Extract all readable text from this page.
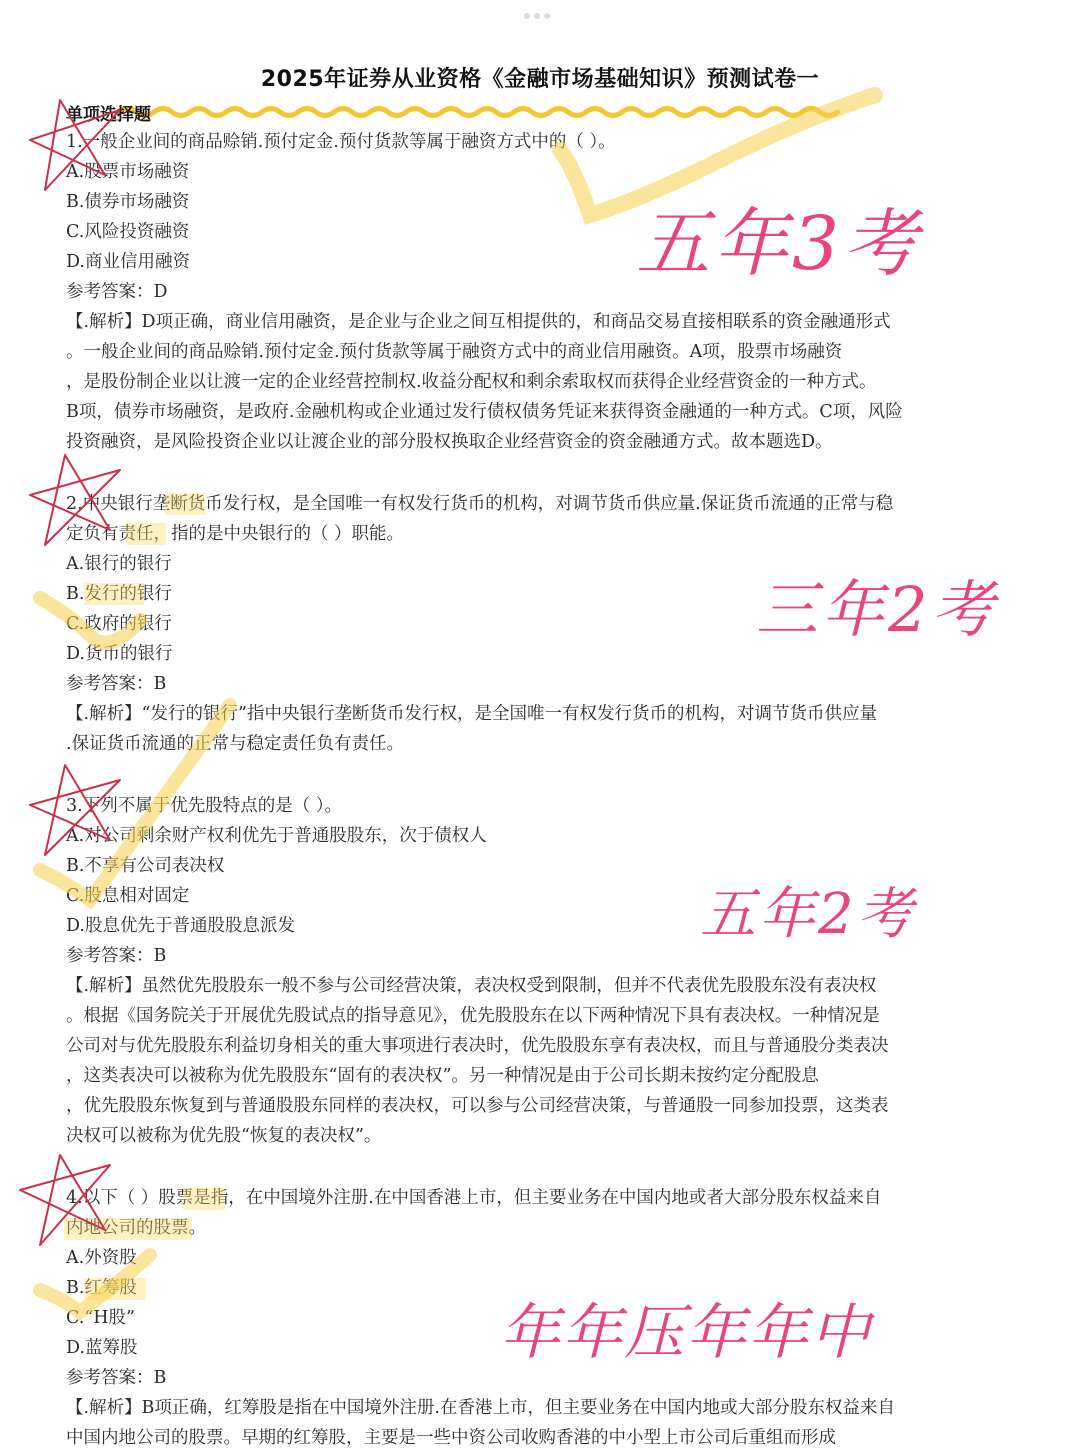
2025年证券从业资格《金融市场基础知识》预测试卷一
单项选择题
1.一般企业间的商品赊销.预付定金.预付货款等属于融资方式中的（ ）。
A.股票市场融资
B.债券市场融资
C.风险投资融资
D.商业信用融资
参考答案：D
【.解析】D项正确，商业信用融资，是企业与企业之间互相提供的，和商品交易直接相联系的资金融通形式
。一般企业间的商品赊销.预付定金.预付货款等属于融资方式中的商业信用融资。A项，股票市场融资
，是股份制企业以让渡一定的企业经营控制权.收益分配权和剩余索取权而获得企业经营资金的一种方式。
B项，债券市场融资，是政府.金融机构或企业通过发行债权债务凭证来获得资金融通的一种方式。C项，风险
投资融资，是风险投资企业以让渡企业的部分股权换取企业经营资金的资金融通方式。故本题选D。
2.中央银行垄断货币发行权，是全国唯一有权发行货币的机构，对调节货币供应量.保证货币流通的正常与稳
定负有责任，指的是中央银行的（ ）职能。
A.银行的银行
B.发行的银行
C.政府的银行
D.货币的银行
参考答案：B
【.解析】“发行的银行”指中央银行垄断货币发行权，是全国唯一有权发行货币的机构，对调节货币供应量
.保证货币流通的正常与稳定责任负有责任。
3.下列不属于优先股特点的是（ ）。
A.对公司剩余财产权利优先于普通股股东，次于债权人
B.不享有公司表决权
C.股息相对固定
D.股息优先于普通股股息派发
参考答案：B
【.解析】虽然优先股股东一般不参与公司经营决策，表决权受到限制，但并不代表优先股股东没有表决权
。根据《国务院关于开展优先股试点的指导意见》，优先股股东在以下两种情况下具有表决权。一种情况是
公司对与优先股股东利益切身相关的重大事项进行表决时，优先股股东享有表决权，而且与普通股分类表决
，这类表决可以被称为优先股股东“固有的表决权”。另一种情况是由于公司长期未按约定分配股息
，优先股股东恢复到与普通股股东同样的表决权，可以参与公司经营决策，与普通股一同参加投票，这类表
决权可以被称为优先股“恢复的表决权”。
4.以下（ ）股票是指，在中国境外注册.在中国香港上市，但主要业务在中国内地或者大部分股东权益来自
内地公司的股票。
A.外资股
B.红筹股
C.“H股”
D.蓝筹股
参考答案：B
【.解析】B项正确，红筹股是指在中国境外注册.在香港上市，但主要业务在中国内地或大部分股东权益来自
中国内地公司的股票。早期的红筹股，主要是一些中资公司收购香港的中小型上市公司后重组而形成
五年3考
三年2考
五年2考
年年压年年中
